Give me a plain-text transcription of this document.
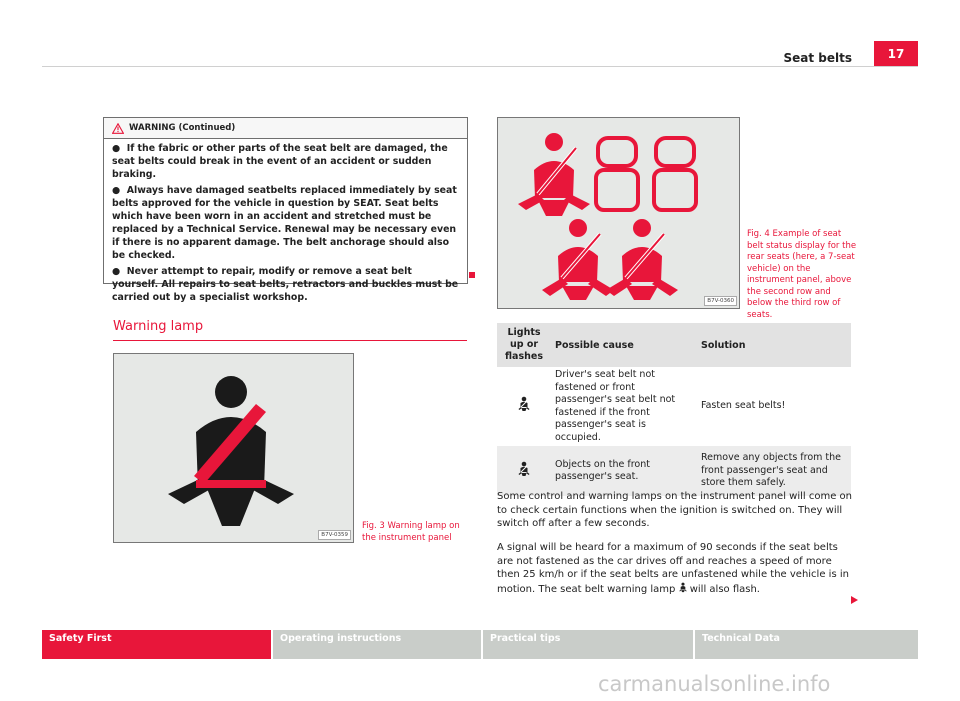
Seat belts	17
WARNING (Continued)

●  If the fabric or other parts of the seat belt are damaged, the seat belts could break in the event of an accident or sudden braking.

●  Always have damaged seatbelts replaced immediately by seat belts approved for the vehicle in question by SEAT. Seat belts which have been worn in an accident and stretched must be replaced by a Technical Service. Renewal may be necessary even if there is no apparent damage. The belt anchorage should also be checked.

●  Never attempt to repair, modify or remove a seat belt yourself. All repairs to seat belts, retractors and buckles must be carried out by a specialist workshop.

Warning lamp
B7V-0359
Fig. 3 Warning lamp on the instrument panel
B7V-0360
Fig. 4 Example of seat belt status display for the rear seats (here, a 7-seat vehicle) on the instrument panel, above the second row and below the third row of seats.
Lights up or flashes	Possible cause	Solution
	Driver's seat belt not fastened or front passenger's seat belt not fastened if the front passenger's seat is occupied.	Fasten seat belts!
	Objects on the front passenger's seat.	Remove any objects from the front passenger's seat and store them safely.
Some control and warning lamps on the instrument panel will come on to check certain functions when the ignition is switched on. They will switch off after a few seconds.
A signal will be heard for a maximum of 90 seconds if the seat belts are not fastened as the car drives off and reaches a speed of more then 25 km/h or if the seat belts are unfastened while the vehicle is in motion. The seat belt warning lamp will also flash.
Safety First	Operating instructions	Practical tips	Technical Data
carmanualsonline.info
